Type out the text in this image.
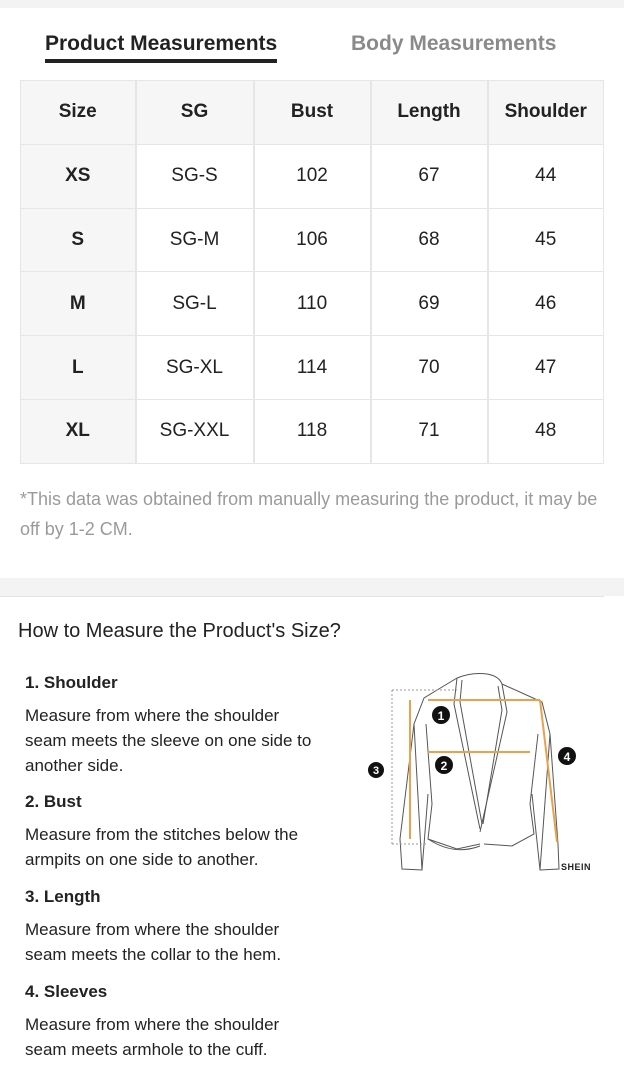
Product Measurements	Body Measurements
Size	SG	Bust	Length	Shoulder
XS	SG-S	102	67	44
S	SG-M	106	68	45
M	SG-L	110	69	46
L	SG-XL	114	70	47
XL	SG-XXL	118	71	48

*This data was obtained from manually measuring the product, it may be off by 1-2 CM.

How to Measure the Product's Size?
1. Shoulder

Measure from where the shoulder seam meets the sleeve on one side to another side.

2. Bust

Measure from the stitches below the armpits on one side to another.

3. Length

Measure from where the shoulder seam meets the collar to the hem.

4. Sleeves

Measure from where the shoulder seam meets armhole to the cuff.

1
2
3
4
SHEIN
